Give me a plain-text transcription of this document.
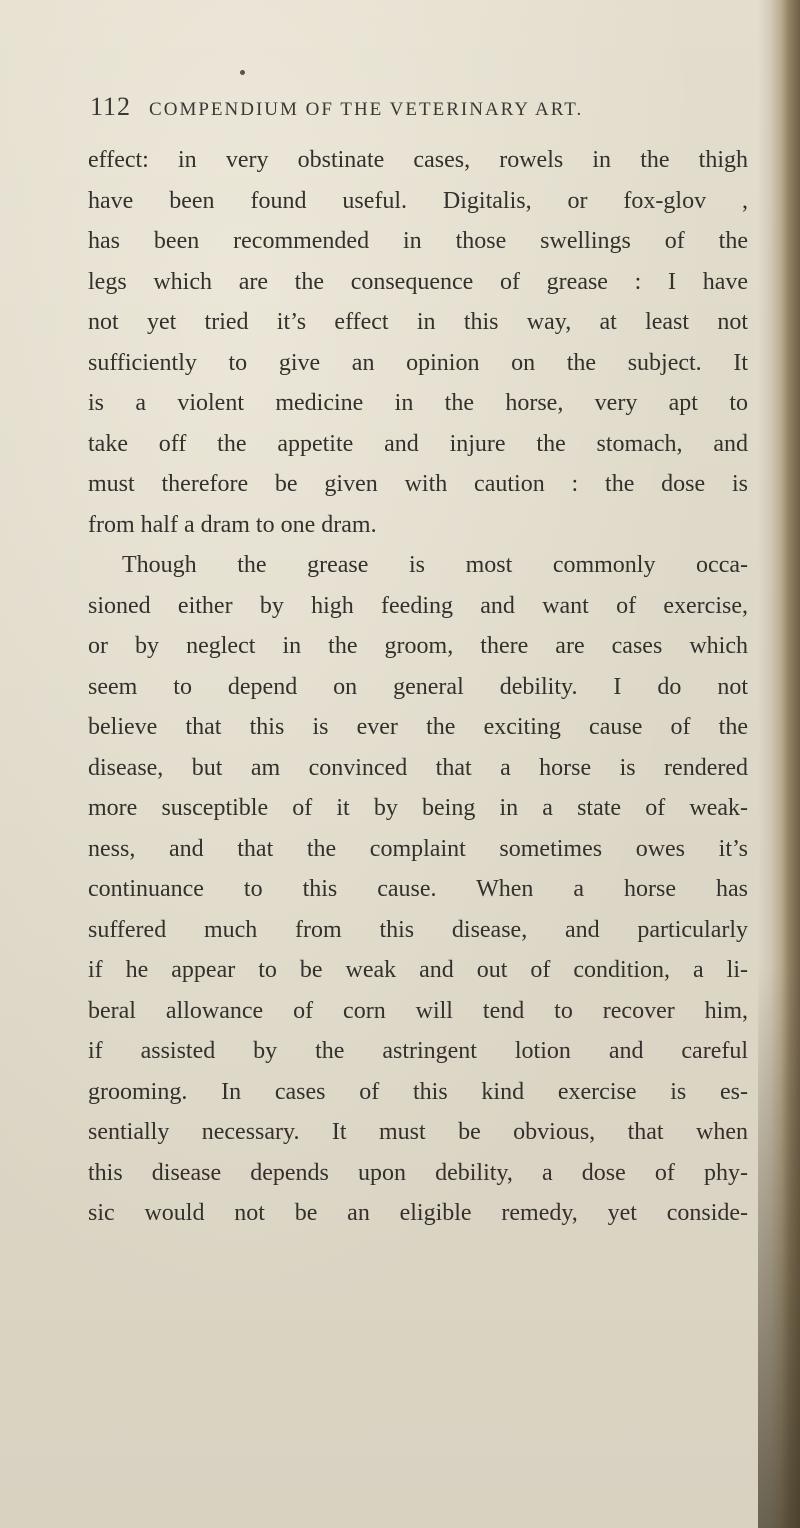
112 COMPENDIUM OF THE VETERINARY ART.
effect: in very obstinate cases, rowels in the thigh
have been found useful. Digitalis, or fox-glov ,
has been recommended in those swellings of the
legs which are the consequence of grease : I have
not yet tried it’s effect in this way, at least not
sufficiently to give an opinion on the subject. It
is a violent medicine in the horse, very apt to
take off the appetite and injure the stomach, and
must therefore be given with caution : the dose is
from half a dram to one dram.
Though the grease is most commonly occa-
sioned either by high feeding and want of exercise,
or by neglect in the groom, there are cases which
seem to depend on general debility. I do not
believe that this is ever the exciting cause of the
disease, but am convinced that a horse is rendered
more susceptible of it by being in a state of weak-
ness, and that the complaint sometimes owes it’s
continuance to this cause. When a horse has
suffered much from this disease, and particularly
if he appear to be weak and out of condition, a li-
beral allowance of corn will tend to recover him,
if assisted by the astringent lotion and careful
grooming. In cases of this kind exercise is es-
sentially necessary. It must be obvious, that when
this disease depends upon debility, a dose of phy-
sic would not be an eligible remedy, yet conside-
